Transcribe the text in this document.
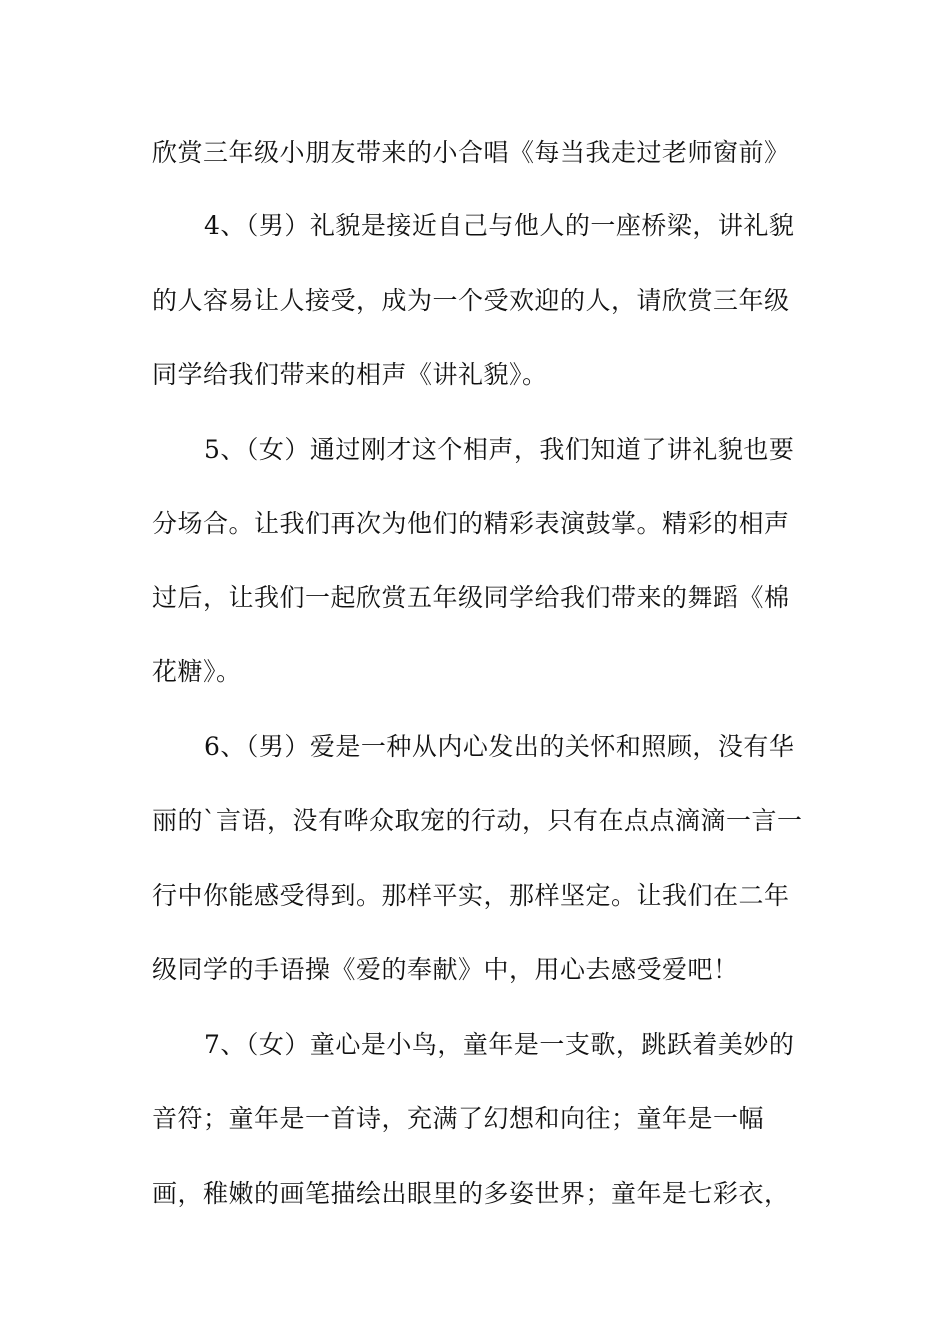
欣赏三年级小朋友带来的小合唱《每当我走过老师窗前》
4、（男）礼貌是接近自己与他人的一座桥梁，讲礼貌
的人容易让人接受，成为一个受欢迎的人，请欣赏三年级
同学给我们带来的相声《讲礼貌》。
5、（女）通过刚才这个相声，我们知道了讲礼貌也要
分场合。让我们再次为他们的精彩表演鼓掌。精彩的相声
过后，让我们一起欣赏五年级同学给我们带来的舞蹈《棉
花糖》。
6、（男）爱是一种从内心发出的关怀和照顾，没有华
丽的`言语，没有哗众取宠的行动，只有在点点滴滴一言一
行中你能感受得到。那样平实，那样坚定。让我们在二年
级同学的手语操《爱的奉献》中，用心去感受爱吧！
7、（女）童心是小鸟，童年是一支歌，跳跃着美妙的
音符；童年是一首诗，充满了幻想和向往；童年是一幅
画，稚嫩的画笔描绘出眼里的多姿世界；童年是七彩衣，
